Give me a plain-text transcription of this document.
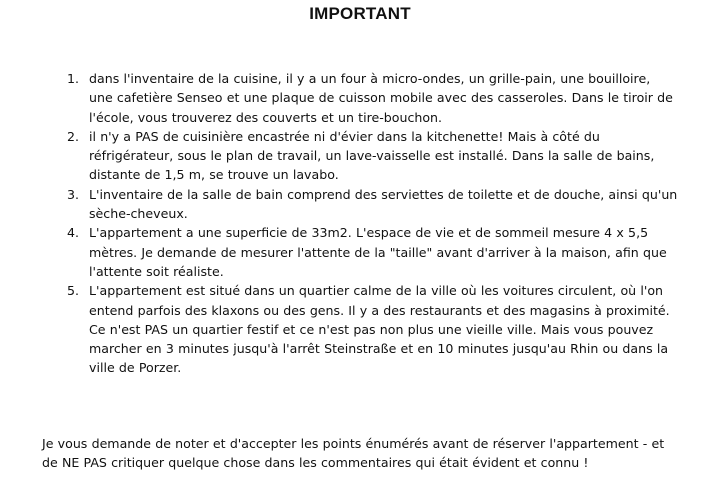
IMPORTANT
1. dans l'inventaire de la cuisine, il y a un four à micro-ondes, un grille-pain, une bouilloire, une cafetière Senseo et une plaque de cuisson mobile avec des casseroles. Dans le tiroir de l'école, vous trouverez des couverts et un tire-bouchon.
2. il n'y a PAS de cuisinière encastrée ni d'évier dans la kitchenette! Mais à côté du réfrigérateur, sous le plan de travail, un lave-vaisselle est installé. Dans la salle de bains, distante de 1,5 m, se trouve un lavabo.
3. L'inventaire de la salle de bain comprend des serviettes de toilette et de douche, ainsi qu'un sèche-cheveux.
4. L'appartement a une superficie de 33m2. L'espace de vie et de sommeil mesure 4 x 5,5 mètres. Je demande de mesurer l'attente de la "taille" avant d'arriver à la maison, afin que l'attente soit réaliste.
5. L'appartement est situé dans un quartier calme de la ville où les voitures circulent, où l'on entend parfois des klaxons ou des gens. Il y a des restaurants et des magasins à proximité. Ce n'est PAS un quartier festif et ce n'est pas non plus une vieille ville. Mais vous pouvez marcher en 3 minutes jusqu'à l'arrêt Steinstraße et en 10 minutes jusqu'au Rhin ou dans la ville de Porzer.

Je vous demande de noter et d'accepter les points énumérés avant de réserver l'appartement - et de NE PAS critiquer quelque chose dans les commentaires qui était évident et connu !
